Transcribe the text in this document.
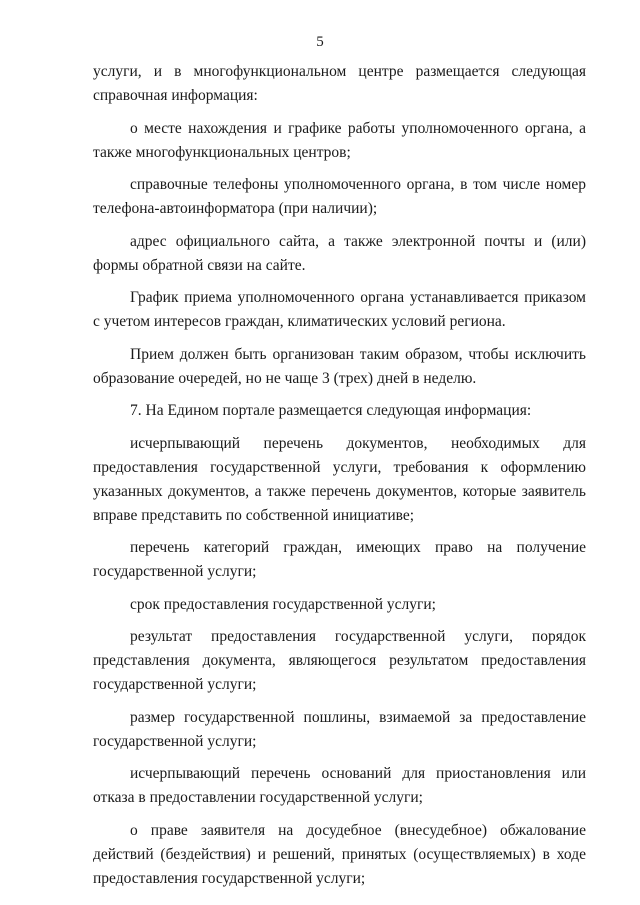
5

услуги, и в многофункциональном центре размещается следующая справочная информация:

о месте нахождения и графике работы уполномоченного органа, а также многофункциональных центров;

справочные телефоны уполномоченного органа, в том числе номер телефона-автоинформатора (при наличии);

адрес официального сайта, а также электронной почты и (или) формы обратной связи на сайте.

График приема уполномоченного органа устанавливается приказом с учетом интересов граждан, климатических условий региона.

Прием должен быть организован таким образом, чтобы исключить образование очередей, но не чаще 3 (трех) дней в неделю.

7. На Едином портале размещается следующая информация:

исчерпывающий перечень документов, необходимых для предоставления государственной услуги, требования к оформлению указанных документов, а также перечень документов, которые заявитель вправе представить по собственной инициативе;

перечень категорий граждан, имеющих право на получение государственной услуги;

срок предоставления государственной услуги;

результат предоставления государственной услуги, порядок представления документа, являющегося результатом предоставления государственной услуги;

размер государственной пошлины, взимаемой за предоставление государственной услуги;

исчерпывающий перечень оснований для приостановления или отказа в предоставлении государственной услуги;

о праве заявителя на досудебное (внесудебное) обжалование действий (бездействия) и решений, принятых (осуществляемых) в ходе предоставления государственной услуги;
